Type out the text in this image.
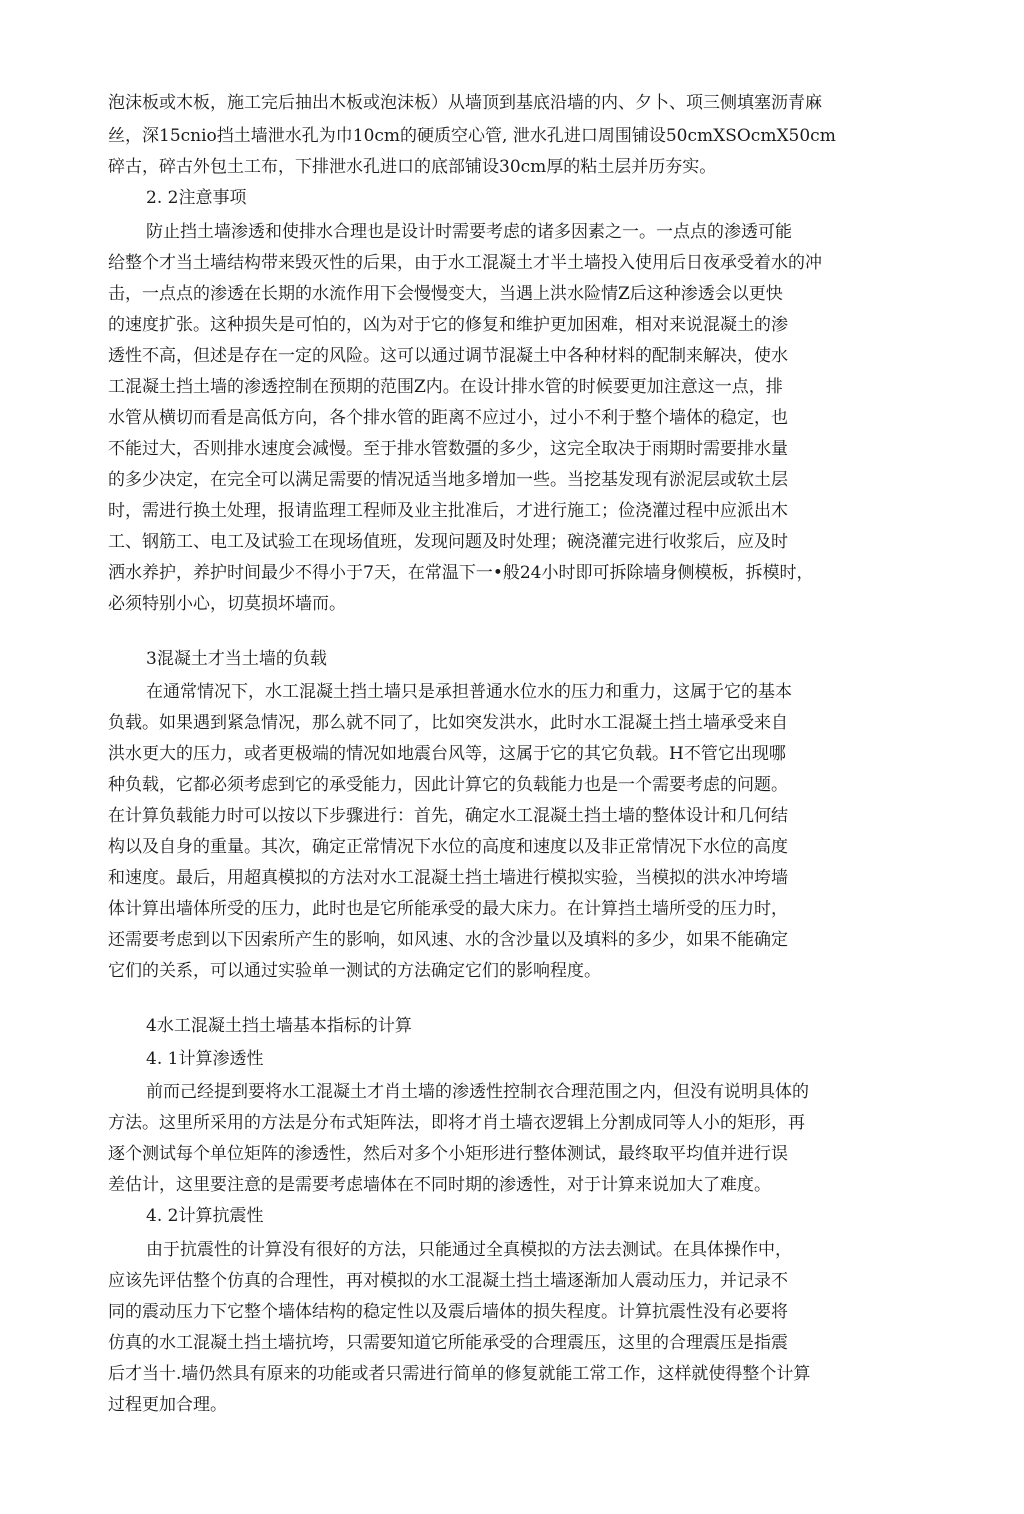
泡沫板或木板，施工完后抽出木板或泡沫板）从墙顶到基底沿墙的内、夕卜、项三侧填塞沥青麻
丝，深15cnio挡土墙泄水孔为巾10cm的硬质空心管, 泄水孔进口周围铺设50cmXSOcmX50cm
碎古，碎古外包土工布，下排泄水孔进口的底部铺设30cm厚的粘土层并历夯实。
2. 2注意事项
防止挡土墙渗透和使排水合理也是设计时需要考虑的诸多因素之一。一点点的渗透可能
给整个才当土墙结构带来毁灭性的后果，由于水工混凝土才半土墙投入使用后日夜承受着水的冲
击，一点点的渗透在长期的水流作用下会慢慢变大，当遇上洪水险情Z后这种渗透会以更快
的速度扩张。这种损失是可怕的，凶为对于它的修复和维护更加困难，相对来说混凝土的渗
透性不高，但述是存在一定的风险。这可以通过调节混凝土中各种材料的配制来解决，使水
工混凝土挡土墙的渗透控制在预期的范围Z内。在设计排水管的时候要更加注意这一点，排
水管从横切而看是高低方向，各个排水管的距离不应过小，过小不利于整个墙体的稳定，也
不能过大，否则排水速度会减慢。至于排水管数彊的多少，这完全取决于雨期时需要排水量
的多少决定，在完全可以满足需要的情况适当地多增加一些。当挖基发现有淤泥层或软土层
时，需进行换土处理，报请监理工程师及业主批准后，才进行施工；俭浇灌过程中应派出木
工、钢筋工、电工及试验工在现场值班，发现问题及时处理；碗浇灌完进行收浆后，应及时
洒水养护，养护时间最少不得小于7天，在常温下一•般24小时即可拆除墙身侧模板，拆模时，
必须特别小心，切莫损坏墙而。
3混凝土才当土墙的负载
在通常情况下，水工混凝土挡土墙只是承担普通水位水的压力和重力，这属于它的基本
负载。如果遇到紧急情况，那么就不同了，比如突发洪水，此时水工混凝土挡土墙承受来自
洪水更大的压力，或者更极端的情况如地震台风等，这属于它的其它负载。H不管它出现哪
种负载，它都必须考虑到它的承受能力，因此计算它的负载能力也是一个需要考虑的问题。
在计算负载能力时可以按以下步骤进行：首先，确定水工混凝土挡土墙的整体设计和几何结
构以及自身的重量。其次，确定正常情况下水位的高度和速度以及非正常情况下水位的高度
和速度。最后，用超真模拟的方法对水工混凝土挡土墙进行模拟实验，当模拟的洪水冲垮墙
体计算出墙体所受的压力，此时也是它所能承受的最大床力。在计算挡土墙所受的压力时，
还需要考虑到以下因索所产生的影响，如风速、水的含沙量以及填料的多少，如果不能确定
它们的关系，可以通过实验单一测试的方法确定它们的影响程度。
4水工混凝土挡土墙基本指标的计算
4. 1计算渗透性
前而己经提到要将水工混凝土才肖土墙的渗透性控制衣合理范围之内，但没有说明具体的
方法。这里所采用的方法是分布式矩阵法，即将才肖土墙衣逻辑上分割成同等人小的矩形，再
逐个测试每个单位矩阵的渗透性，然后对多个小矩形进行整体测试，最终取平均值并进行误
差估计，这里要注意的是需要考虑墙体在不同时期的渗透性，对于计算来说加大了难度。
4. 2计算抗震性
由于抗震性的计算没有很好的方法，只能通过全真模拟的方法去测试。在具体操作中，
应该先评估整个仿真的合理性，再对模拟的水工混凝土挡土墙逐渐加人震动压力，并记录不
同的震动压力下它整个墙体结构的稳定性以及震后墙体的损失程度。计算抗震性没有必要将
仿真的水工混凝土挡土墙抗垮，只需要知道它所能承受的合理震压，这里的合理震压是指震
后才当十.墙仍然具有原来的功能或者只需进行简单的修复就能工常工作，这样就使得整个计算
过程更加合理。
